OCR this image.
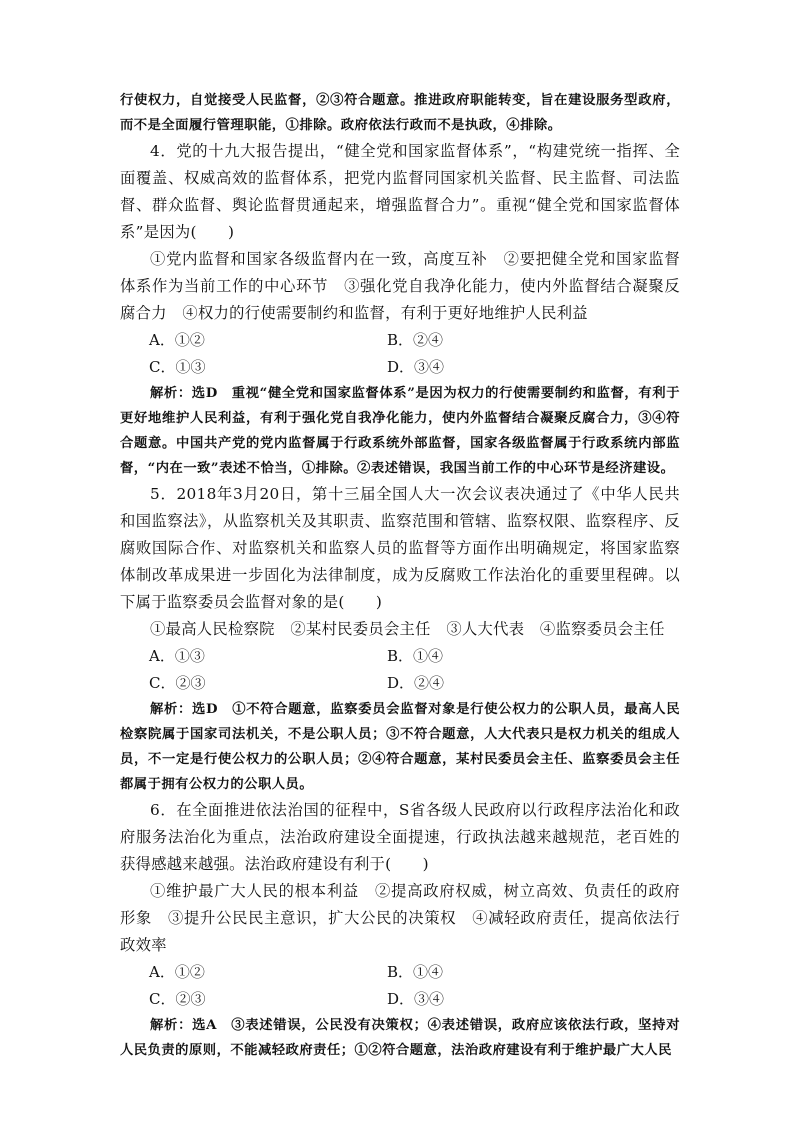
行使权力，自觉接受人民监督，②③符合题意。推进政府职能转变，旨在建设服务型政府，而不是全面履行管理职能，①排除。政府依法行政而不是执政，④排除。

4．党的十九大报告提出，“健全党和国家监督体系”，“构建党统一指挥、全面覆盖、权威高效的监督体系，把党内监督同国家机关监督、民主监督、司法监督、群众监督、舆论监督贯通起来，增强监督合力”。重视“健全党和国家监督体系”是因为(　　)

①党内监督和国家各级监督内在一致，高度互补　②要把健全党和国家监督体系作为当前工作的中心环节　③强化党自我净化能力，使内外监督结合凝聚反腐合力　④权力的行使需要制约和监督，有利于更好地维护人民利益

A．①②	B．②④
C．①③	D．③④

解析：选D　重视“健全党和国家监督体系”是因为权力的行使需要制约和监督，有利于更好地维护人民利益，有利于强化党自我净化能力，使内外监督结合凝聚反腐合力，③④符合题意。中国共产党的党内监督属于行政系统外部监督，国家各级监督属于行政系统内部监督，“内在一致”表述不恰当，①排除。②表述错误，我国当前工作的中心环节是经济建设。

5．2018年3月20日，第十三届全国人大一次会议表决通过了《中华人民共和国监察法》，从监察机关及其职责、监察范围和管辖、监察权限、监察程序、反腐败国际合作、对监察机关和监察人员的监督等方面作出明确规定，将国家监察体制改革成果进一步固化为法律制度，成为反腐败工作法治化的重要里程碑。以下属于监察委员会监督对象的是(　　)

①最高人民检察院　②某村民委员会主任　③人大代表　④监察委员会主任

A．①③	B．①④
C．②③	D．②④

解析：选D　①不符合题意，监察委员会监督对象是行使公权力的公职人员，最高人民检察院属于国家司法机关，不是公职人员；③不符合题意，人大代表只是权力机关的组成人员，不一定是行使公权力的公职人员；②④符合题意，某村民委员会主任、监察委员会主任都属于拥有公权力的公职人员。

6．在全面推进依法治国的征程中，S省各级人民政府以行政程序法治化和政府服务法治化为重点，法治政府建设全面提速，行政执法越来越规范，老百姓的获得感越来越强。法治政府建设有利于(　　)

①维护最广大人民的根本利益　②提高政府权威，树立高效、负责任的政府形象　③提升公民民主意识，扩大公民的决策权　④减轻政府责任，提高依法行政效率

A．①②	B．①④
C．②③	D．③④

解析：选A　③表述错误，公民没有决策权；④表述错误，政府应该依法行政，坚持对人民负责的原则，不能减轻政府责任；①②符合题意，法治政府建设有利于维护最广大人民
